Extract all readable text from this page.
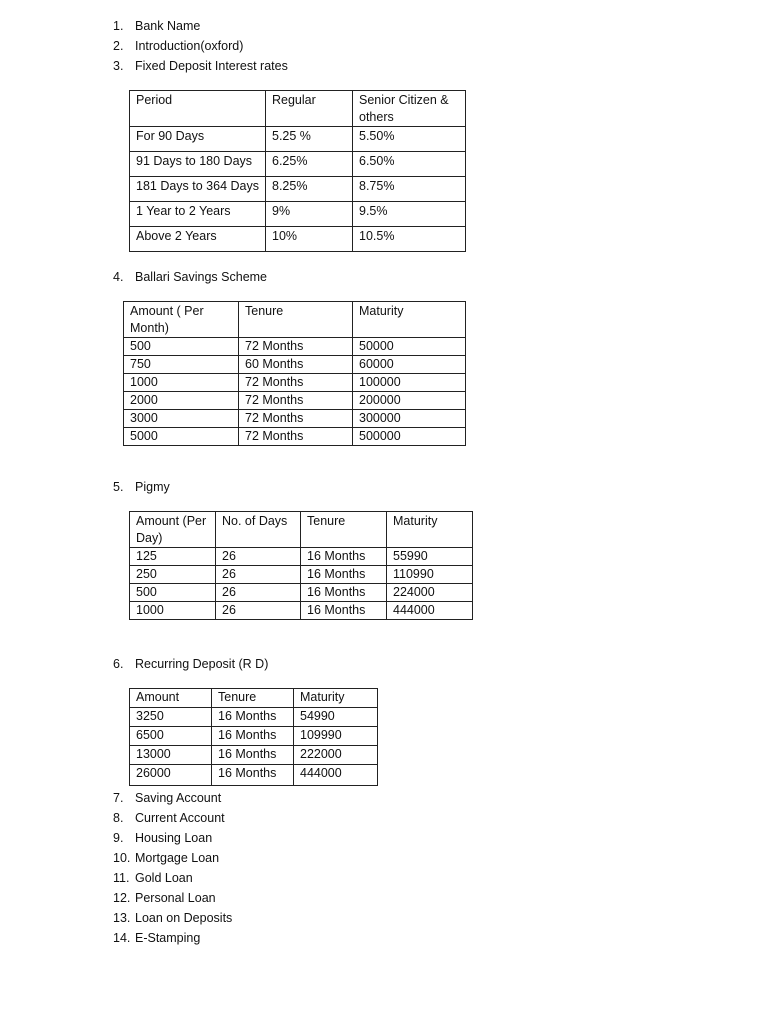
1. Bank Name
2. Introduction(oxford)
3. Fixed Deposit Interest rates
Period	Regular	Senior Citizen & others
For 90 Days	5.25 %	5.50%
91 Days to 180 Days	6.25%	6.50%
181 Days to 364 Days	8.25%	8.75%
1 Year to 2 Years	9%	9.5%
Above 2 Years	10%	10.5%
4. Ballari Savings Scheme
Amount ( Per Month)	Tenure	Maturity
500	72 Months	50000
750	60 Months	60000
1000	72 Months	100000
2000	72 Months	200000
3000	72 Months	300000
5000	72 Months	500000
5. Pigmy
Amount (Per Day)	No. of Days	Tenure	Maturity
125	26	16 Months	55990
250	26	16 Months	110990
500	26	16 Months	224000
1000	26	16 Months	444000
6. Recurring Deposit (R D)
Amount	Tenure	Maturity
3250	16 Months	54990
6500	16 Months	109990
13000	16 Months	222000
26000	16 Months	444000
7. Saving Account
8. Current Account
9. Housing Loan
10. Mortgage Loan
11. Gold Loan
12. Personal Loan
13. Loan on Deposits
14. E-Stamping
